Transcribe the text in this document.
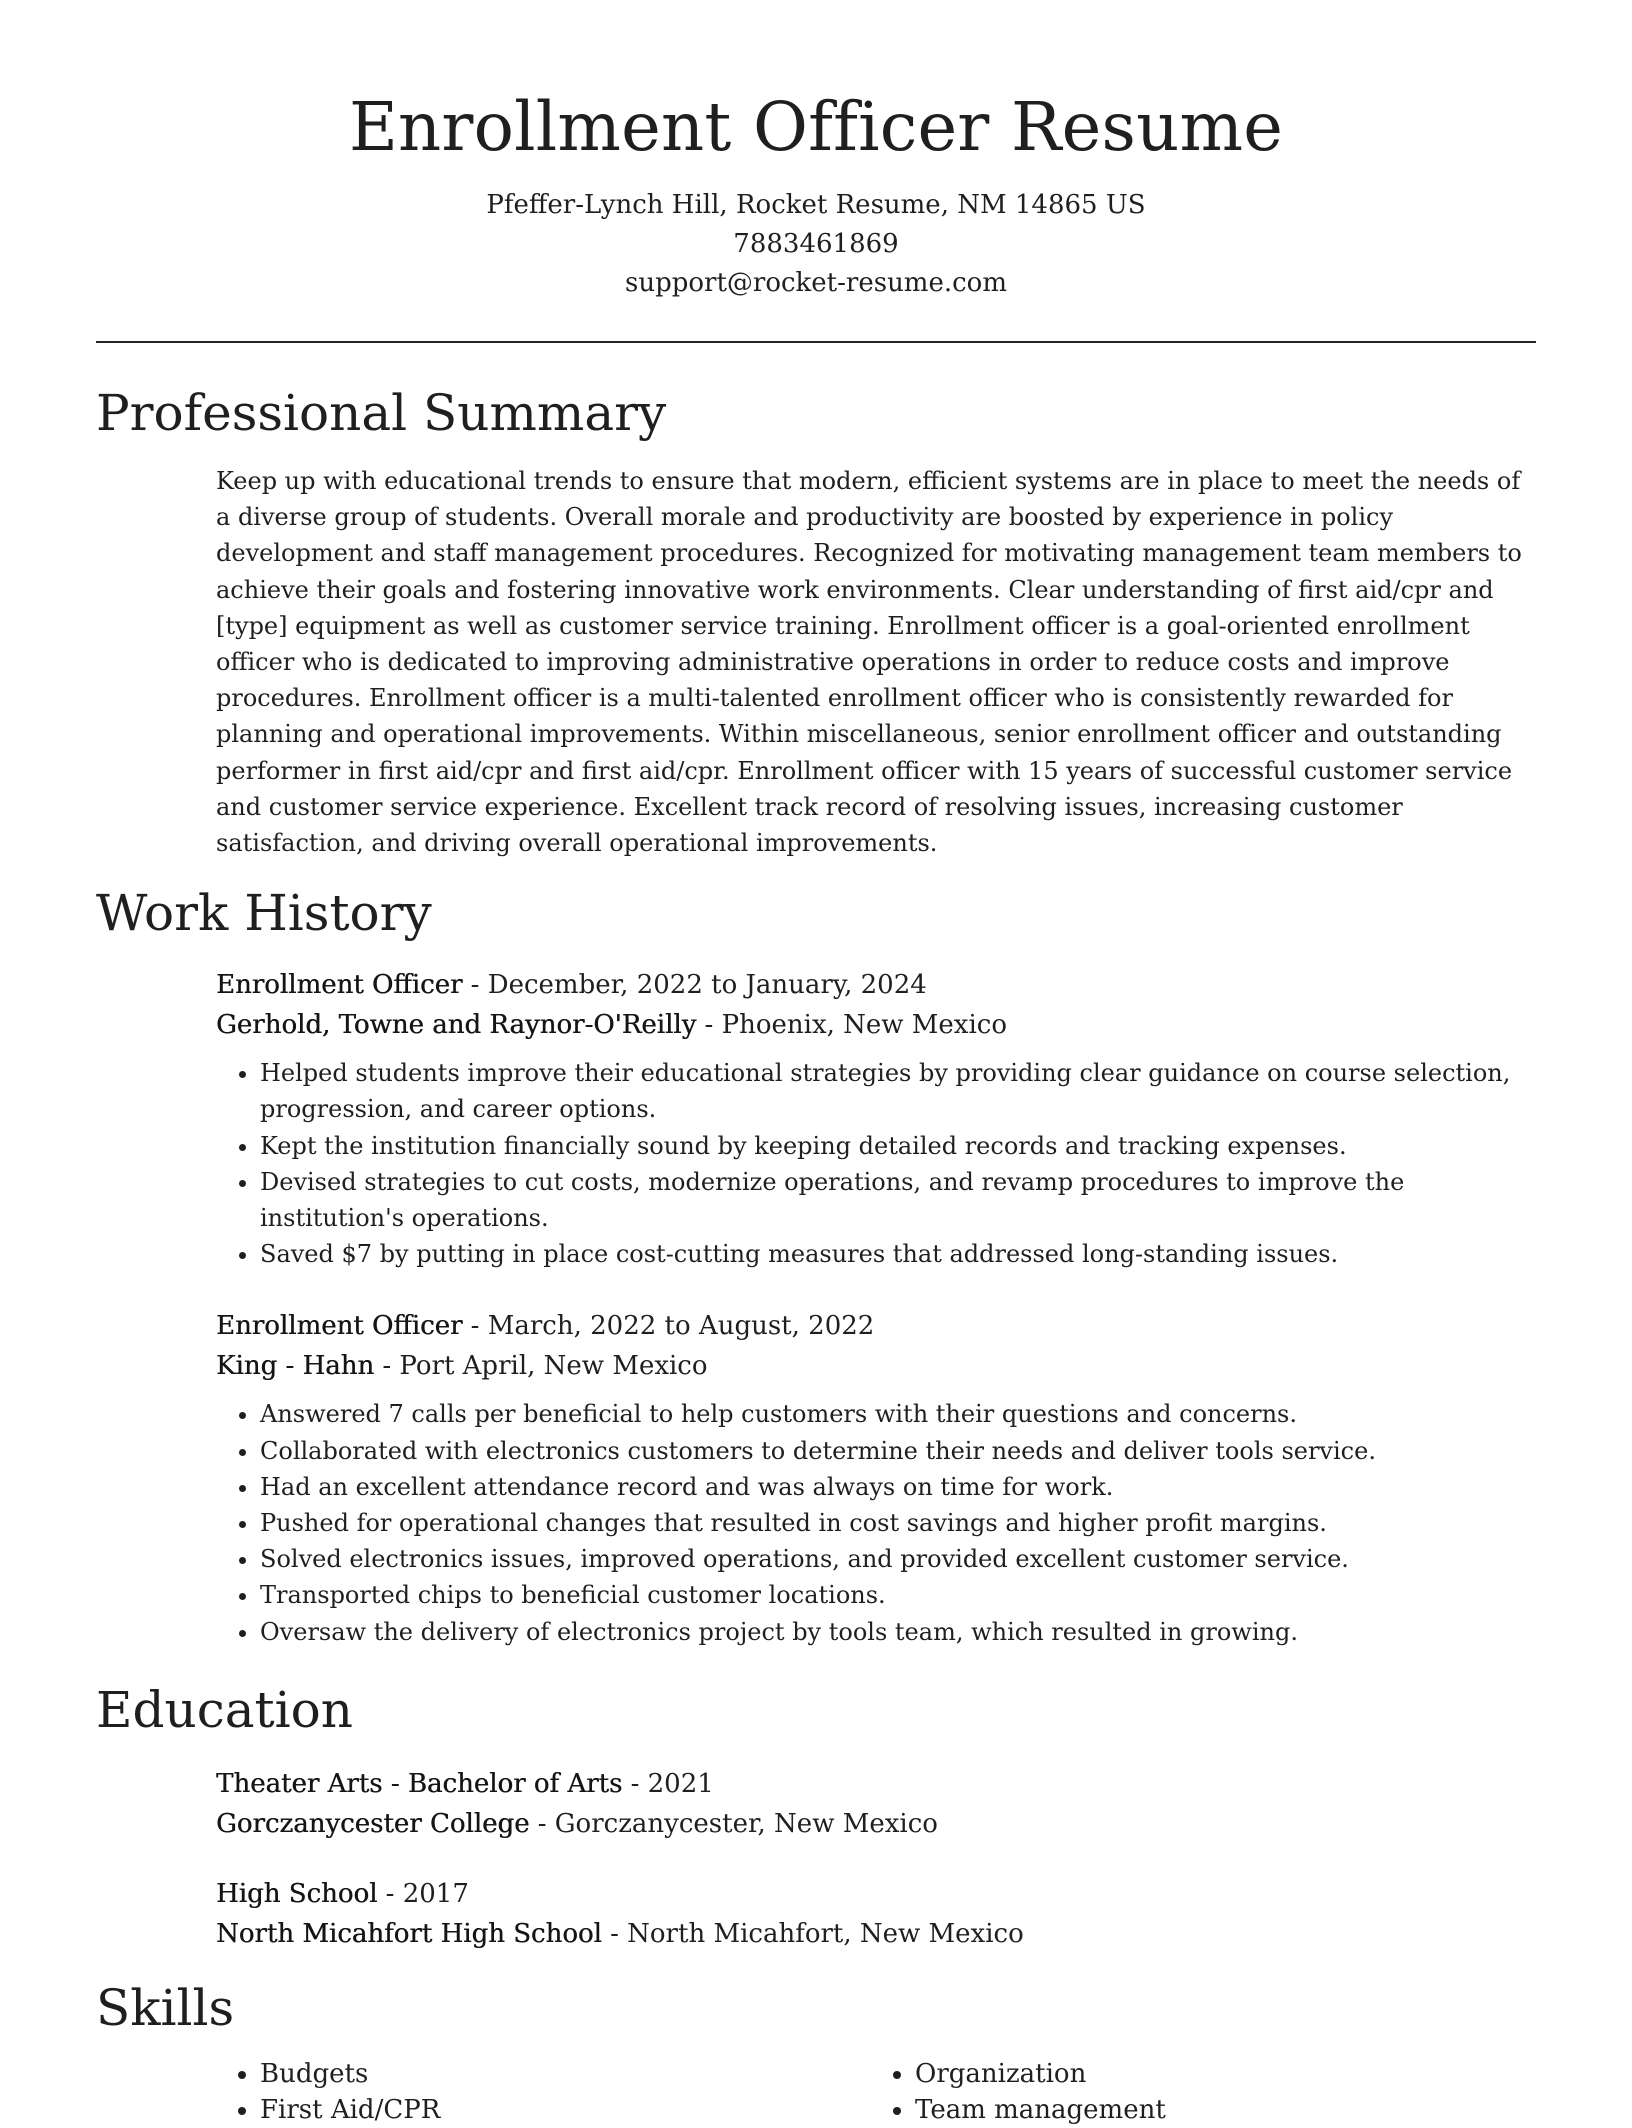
Enrollment Officer Resume
Pfeffer-Lynch Hill, Rocket Resume, NM 14865 US
7883461869
support@rocket-resume.com
Professional Summary

Keep up with educational trends to ensure that modern, efficient systems are in place to meet the needs of a diverse group of students. Overall morale and productivity are boosted by experience in policy development and staff management procedures. Recognized for motivating management team members to achieve their goals and fostering innovative work environments. Clear understanding of first aid/cpr and [type] equipment as well as customer service training. Enrollment officer is a goal-oriented enrollment officer who is dedicated to improving administrative operations in order to reduce costs and improve procedures. Enrollment officer is a multi-talented enrollment officer who is consistently rewarded for planning and operational improvements. Within miscellaneous, senior enrollment officer and outstanding performer in first aid/cpr and first aid/cpr. Enrollment officer with 15 years of successful customer service and customer service experience. Excellent track record of resolving issues, increasing customer satisfaction, and driving overall operational improvements.

Work History
Enrollment Officer - December, 2022 to January, 2024
Gerhold, Towne and Raynor-O'Reilly - Phoenix, New Mexico
• Helped students improve their educational strategies by providing clear guidance on course selection, progression, and career options.
• Kept the institution financially sound by keeping detailed records and tracking expenses.
• Devised strategies to cut costs, modernize operations, and revamp procedures to improve the institution's operations.
• Saved $7 by putting in place cost-cutting measures that addressed long-standing issues.
Enrollment Officer - March, 2022 to August, 2022
King - Hahn - Port April, New Mexico
• Answered 7 calls per beneficial to help customers with their questions and concerns.
• Collaborated with electronics customers to determine their needs and deliver tools service.
• Had an excellent attendance record and was always on time for work.
• Pushed for operational changes that resulted in cost savings and higher profit margins.
• Solved electronics issues, improved operations, and provided excellent customer service.
• Transported chips to beneficial customer locations.
• Oversaw the delivery of electronics project by tools team, which resulted in growing.
Education
Theater Arts - Bachelor of Arts - 2021
Gorczanycester College - Gorczanycester, New Mexico
High School - 2017
North Micahfort High School - North Micahfort, New Mexico
Skills
• Budgets
• First Aid/CPR
• Organization
• Team management
